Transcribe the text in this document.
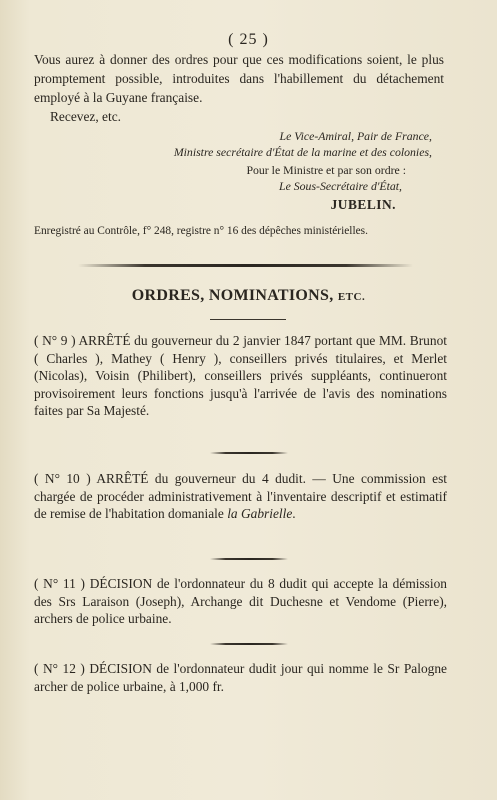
( 25 )
Vous aurez à donner des ordres pour que ces modifications soient, le plus promptement possible, introduites dans l'habillement du détachement employé à la Guyane française.
Recevez, etc.
Le Vice-Amiral, Pair de France,
Ministre secrétaire d'État de la marine et des colonies,
Pour le Ministre et par son ordre :
Le Sous-Secrétaire d'État,
JUBELIN.
Enregistré au Contrôle, f° 248, registre n° 16 des dépêches ministérielles.
ORDRES, NOMINATIONS, ETC.

( N° 9 ) ARRÊTÉ du gouverneur du 2 janvier 1847 portant que MM. Brunot ( Charles ), Mathey ( Henry ), conseillers privés titulaires, et Merlet (Nicolas), Voisin (Philibert), conseillers privés suppléants, continueront provisoirement leurs fonctions jusqu'à l'arrivée de l'avis des nominations faites par Sa Majesté.

( N° 10 ) ARRÊTÉ du gouverneur du 4 dudit. — Une commission est chargée de procéder administrativement à l'inventaire descriptif et estimatif de remise de l'habitation domaniale la Gabrielle.

( N° 11 ) DÉCISION de l'ordonnateur du 8 dudit qui accepte la démission des Srs Laraison (Joseph), Archange dit Duchesne et Vendome (Pierre), archers de police urbaine.

( N° 12 ) DÉCISION de l'ordonnateur dudit jour qui nomme le Sr Palogne archer de police urbaine, à 1,000 fr.
